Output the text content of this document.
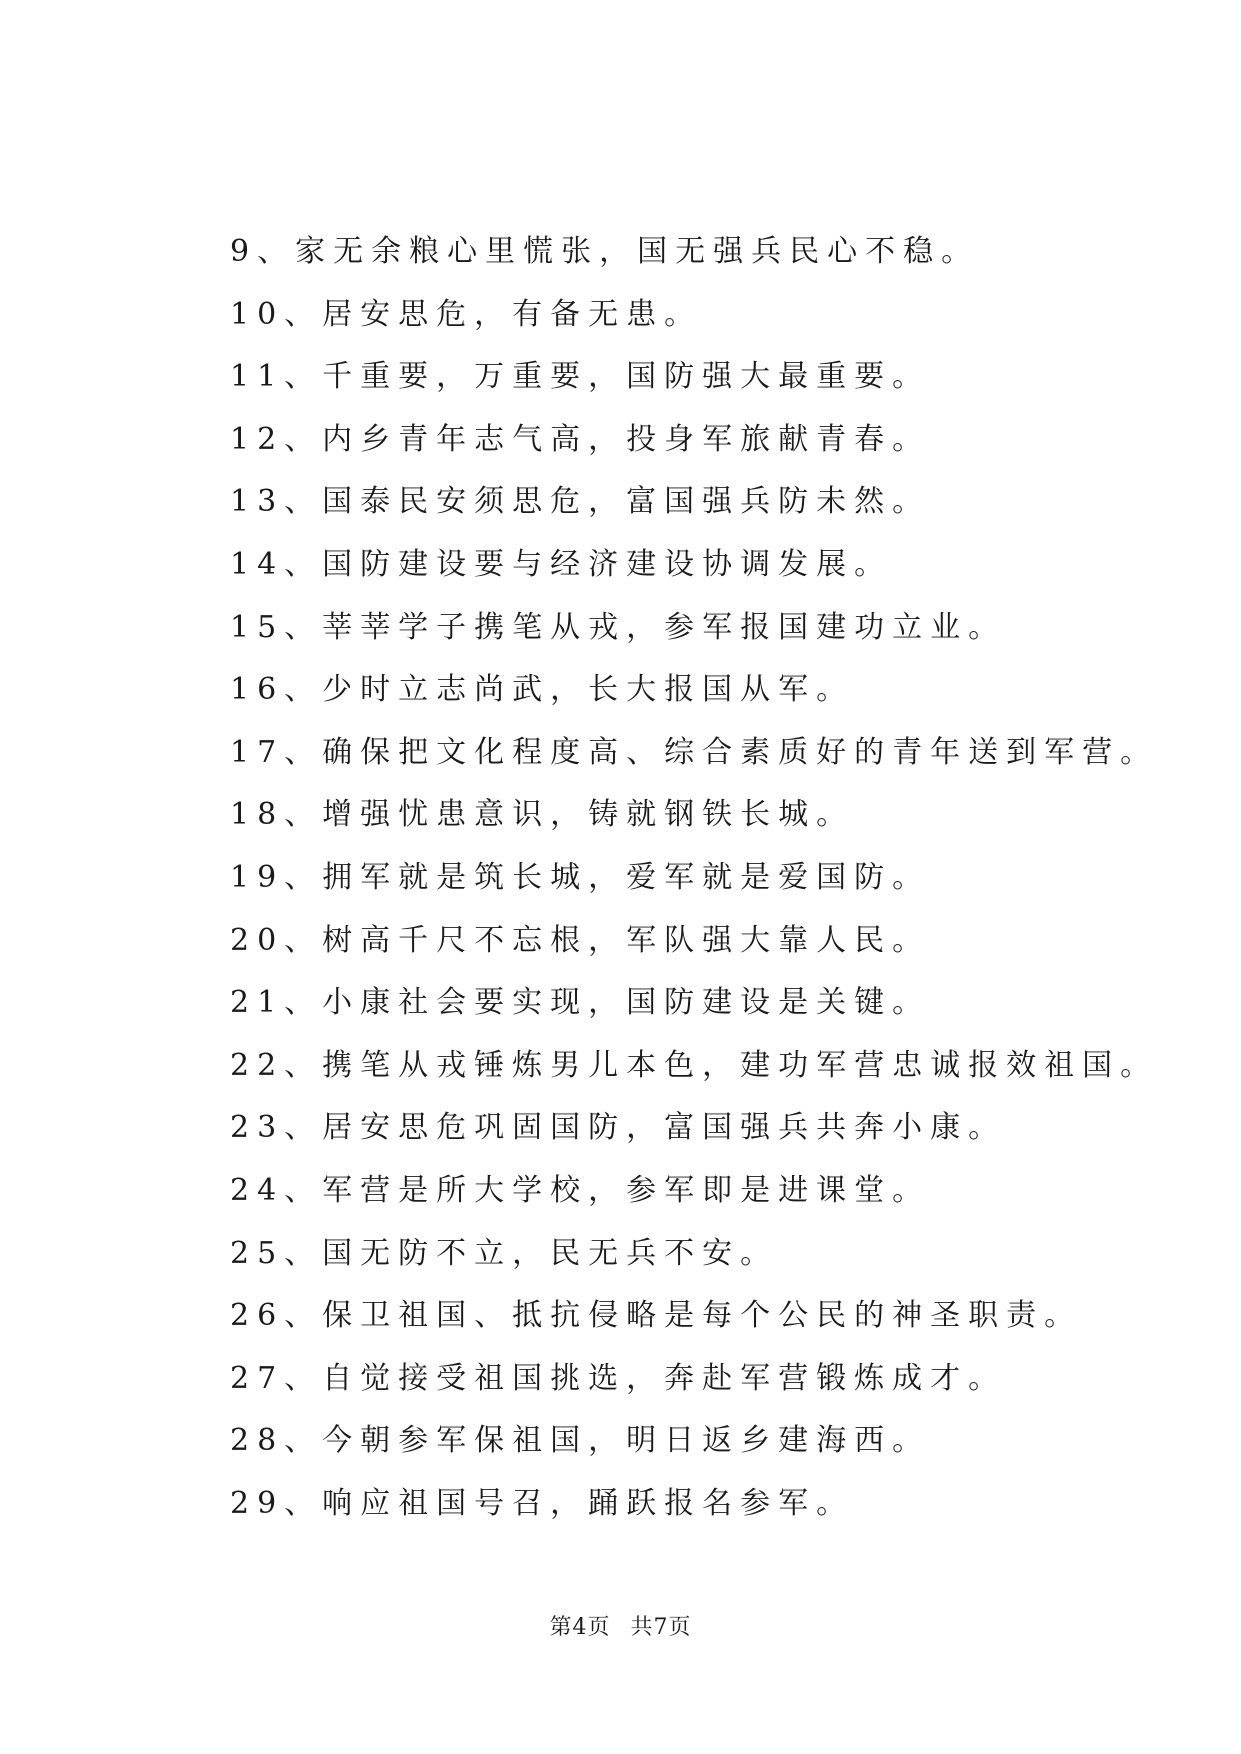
9、家无余粮心里慌张，国无强兵民心不稳。
10、居安思危，有备无患。
11、千重要，万重要，国防强大最重要。
12、内乡青年志气高，投身军旅献青春。
13、国泰民安须思危，富国强兵防未然。
14、国防建设要与经济建设协调发展。
15、莘莘学子携笔从戎，参军报国建功立业。
16、少时立志尚武，长大报国从军。
17、确保把文化程度高、综合素质好的青年送到军营。
18、增强忧患意识，铸就钢铁长城。
19、拥军就是筑长城，爱军就是爱国防。
20、树高千尺不忘根，军队强大靠人民。
21、小康社会要实现，国防建设是关键。
22、携笔从戎锤炼男儿本色，建功军营忠诚报效祖国。
23、居安思危巩固国防，富国强兵共奔小康。
24、军营是所大学校，参军即是进课堂。
25、国无防不立，民无兵不安。
26、保卫祖国、抵抗侵略是每个公民的神圣职责。
27、自觉接受祖国挑选，奔赴军营锻炼成才。
28、今朝参军保祖国，明日返乡建海西。
29、响应祖国号召，踊跃报名参军。
第4页 共7页
